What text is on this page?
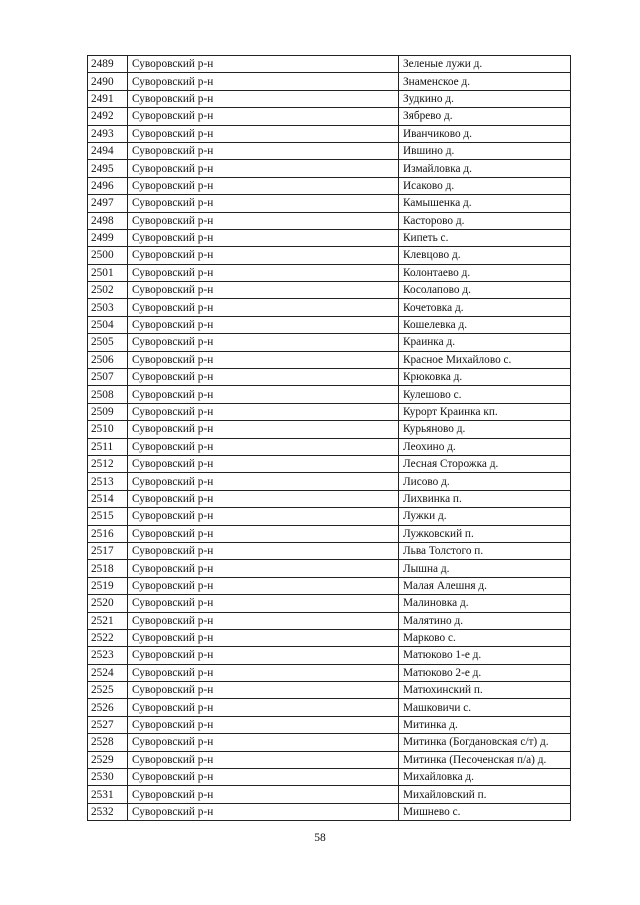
2489	Суворовский р-н	Зеленые лужи д.
2490	Суворовский р-н	Знаменское д.
2491	Суворовский р-н	Зудкино д.
2492	Суворовский р-н	Зябрево д.
2493	Суворовский р-н	Иванчиково д.
2494	Суворовский р-н	Ившино д.
2495	Суворовский р-н	Измайловка д.
2496	Суворовский р-н	Исаково д.
2497	Суворовский р-н	Камышенка д.
2498	Суворовский р-н	Касторово д.
2499	Суворовский р-н	Кипеть с.
2500	Суворовский р-н	Клевцово д.
2501	Суворовский р-н	Колонтаево д.
2502	Суворовский р-н	Косолапово д.
2503	Суворовский р-н	Кочетовка д.
2504	Суворовский р-н	Кошелевка д.
2505	Суворовский р-н	Краинка д.
2506	Суворовский р-н	Красное Михайлово с.
2507	Суворовский р-н	Крюковка д.
2508	Суворовский р-н	Кулешово с.
2509	Суворовский р-н	Курорт Краинка кп.
2510	Суворовский р-н	Курьяново д.
2511	Суворовский р-н	Леохино д.
2512	Суворовский р-н	Лесная Сторожка д.
2513	Суворовский р-н	Лисово д.
2514	Суворовский р-н	Лихвинка п.
2515	Суворовский р-н	Лужки д.
2516	Суворовский р-н	Лужковский п.
2517	Суворовский р-н	Льва Толстого п.
2518	Суворовский р-н	Лышна д.
2519	Суворовский р-н	Малая Алешня д.
2520	Суворовский р-н	Малиновка д.
2521	Суворовский р-н	Малятино д.
2522	Суворовский р-н	Марково с.
2523	Суворовский р-н	Матюково 1-е д.
2524	Суворовский р-н	Матюково 2-е д.
2525	Суворовский р-н	Матюхинский п.
2526	Суворовский р-н	Машковичи с.
2527	Суворовский р-н	Митинка д.
2528	Суворовский р-н	Митинка (Богдановская с/т) д.
2529	Суворовский р-н	Митинка (Песоченская п/а) д.
2530	Суворовский р-н	Михайловка д.
2531	Суворовский р-н	Михайловский п.
2532	Суворовский р-н	Мишнево с.
58
